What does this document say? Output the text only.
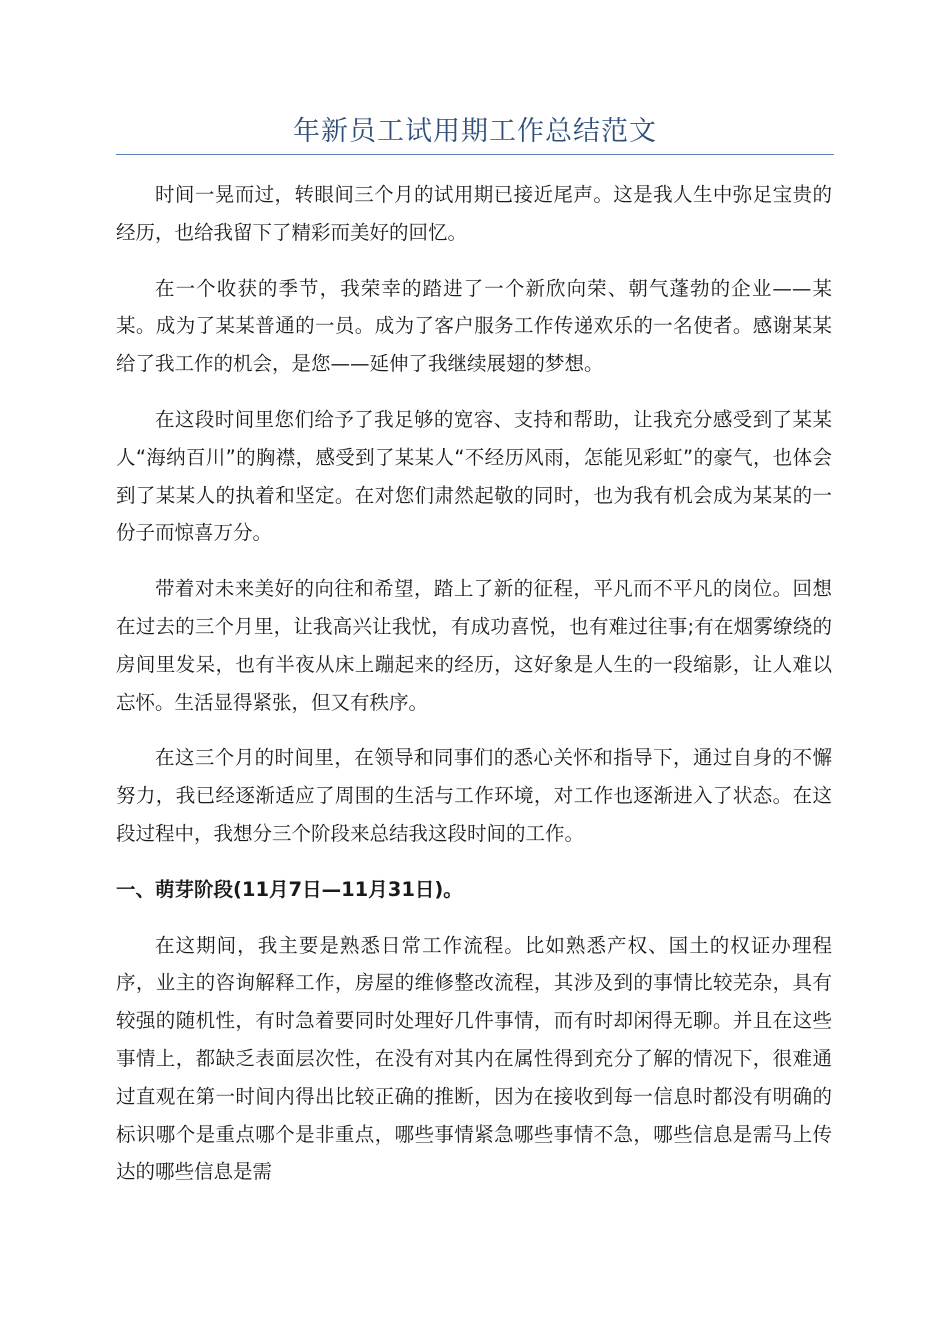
年新员工试用期工作总结范文

时间一晃而过，转眼间三个月的试用期已接近尾声。这是我人生中弥足宝贵的经历，也给我留下了精彩而美好的回忆。

在一个收获的季节，我荣幸的踏进了一个新欣向荣、朝气蓬勃的企业——某某。成为了某某普通的一员。成为了客户服务工作传递欢乐的一名使者。感谢某某给了我工作的机会，是您——延伸了我继续展翅的梦想。

在这段时间里您们给予了我足够的宽容、支持和帮助，让我充分感受到了某某人“海纳百川”的胸襟，感受到了某某人“不经历风雨，怎能见彩虹”的豪气，也体会到了某某人的执着和坚定。在对您们肃然起敬的同时，也为我有机会成为某某的一份子而惊喜万分。

带着对未来美好的向往和希望，踏上了新的征程，平凡而不平凡的岗位。回想在过去的三个月里，让我高兴让我忧，有成功喜悦，也有难过往事;有在烟雾缭绕的房间里发呆，也有半夜从床上蹦起来的经历，这好象是人生的一段缩影，让人难以忘怀。生活显得紧张，但又有秩序。

在这三个月的时间里，在领导和同事们的悉心关怀和指导下，通过自身的不懈努力，我已经逐渐适应了周围的生活与工作环境，对工作也逐渐进入了状态。在这段过程中，我想分三个阶段来总结我这段时间的工作。

一、萌芽阶段(11月7日—11月31日)。

在这期间，我主要是熟悉日常工作流程。比如熟悉产权、国土的权证办理程序，业主的咨询解释工作，房屋的维修整改流程，其涉及到的事情比较芜杂，具有较强的随机性，有时急着要同时处理好几件事情，而有时却闲得无聊。并且在这些事情上，都缺乏表面层次性，在没有对其内在属性得到充分了解的情况下，很难通过直观在第一时间内得出比较正确的推断，因为在接收到每一信息时都没有明确的标识哪个是重点哪个是非重点，哪些事情紧急哪些事情不急，哪些信息是需马上传达的哪些信息是需
